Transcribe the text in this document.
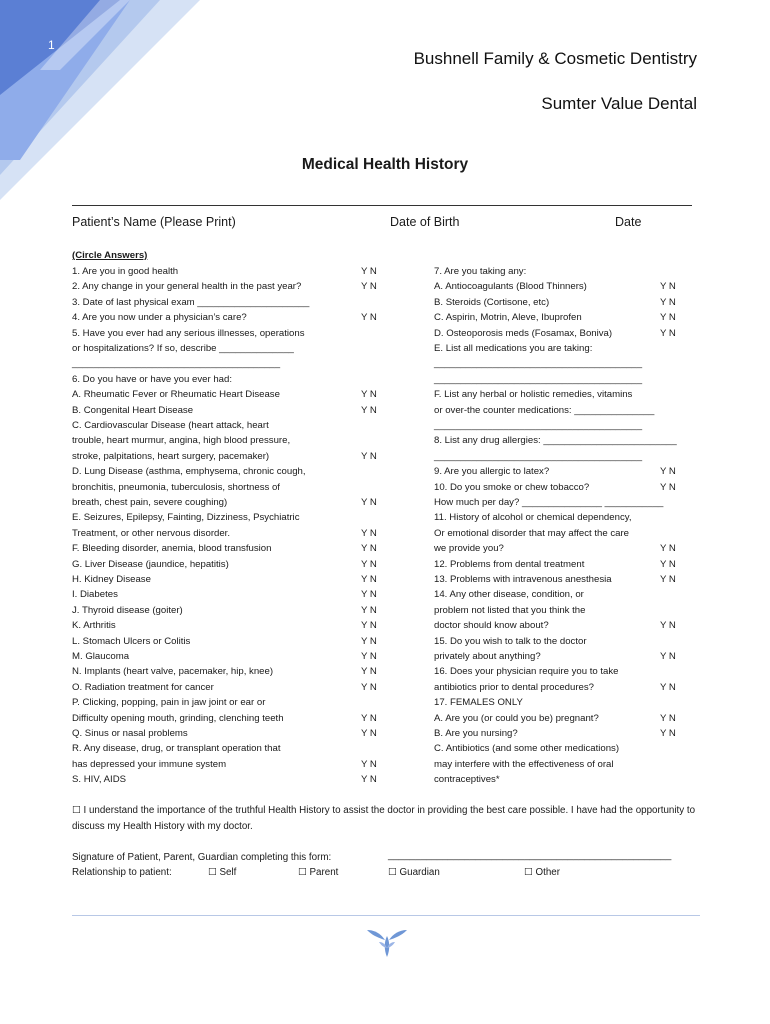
1
Bushnell Family & Cosmetic Dentistry
Sumter Value Dental
Medical Health History
Patient’s Name (Please Print)	Date of Birth	Date
(Circle Answers)
1. Are you in good health	Y N
2. Any change in your general health in the past year?	Y N
3. Date of last physical exam _____________________
4. Are you now under a physician’s care?	Y N
5. Have you ever had any serious illnesses, operations
or hospitalizations? If so, describe ______________
_______________________________________
6. Do you have or have you ever had:
A. Rheumatic Fever or Rheumatic Heart Disease	Y N
B. Congenital Heart Disease	Y N
C. Cardiovascular Disease (heart attack, heart
trouble, heart murmur, angina, high blood pressure,
stroke, palpitations, heart surgery, pacemaker)	Y N
D. Lung Disease (asthma, emphysema, chronic cough,
bronchitis, pneumonia, tuberculosis, shortness of
breath, chest pain, severe coughing)	Y N
E. Seizures, Epilepsy, Fainting, Dizziness, Psychiatric
Treatment, or other nervous disorder.	Y N
F. Bleeding disorder, anemia, blood transfusion	Y N
G. Liver Disease (jaundice, hepatitis)	Y N
H. Kidney Disease	Y N
I. Diabetes	Y N
J. Thyroid disease (goiter)	Y N
K. Arthritis	Y N
L. Stomach Ulcers or Colitis	Y N
M. Glaucoma	Y N
N. Implants (heart valve, pacemaker, hip, knee)	Y N
O. Radiation treatment for cancer	Y N
P. Clicking, popping, pain in jaw joint or ear or
Difficulty opening mouth, grinding, clenching teeth	Y N
Q. Sinus or nasal problems	Y N
R. Any disease, drug, or transplant operation that
has depressed your immune system	Y N
S. HIV, AIDS	Y N
7. Are you taking any:
A. Antiocoagulants (Blood Thinners)	Y N
B. Steroids (Cortisone, etc)	Y N
C. Aspirin, Motrin, Aleve, Ibuprofen	Y N
D. Osteoporosis meds (Fosamax, Boniva)	Y N
E. List all medications you are taking:
_______________________________________
_______________________________________
F. List any herbal or holistic remedies, vitamins
or over-the counter medications: _______________
_______________________________________
8. List any drug allergies: _________________________
_______________________________________
9. Are you allergic to latex?	Y N
10. Do you smoke or chew tobacco?	Y N
How much per day? _______________ ___________
11. History of alcohol or chemical dependency,
Or emotional disorder that may affect the care
we provide you?	Y N
12. Problems from dental treatment	Y N
13. Problems with intravenous anesthesia	Y N
14. Any other disease, condition, or
problem not listed that you think the
doctor should know about?	Y N
15. Do you wish to talk to the doctor
privately about anything?	Y N
16. Does your physician require you to take
antibiotics prior to dental procedures?	Y N
17. FEMALES ONLY
A. Are you (or could you be) pregnant?	Y N
B. Are you nursing?	Y N
C. Antibiotics (and some other medications)
may interfere with the effectiveness of oral
contraceptives*
☐ I understand the importance of the truthful Health History to assist the doctor in providing the best care possible. I have had the opportunity to discuss my Health History with my doctor.
Signature of Patient, Parent, Guardian completing this form:	____________________________________________________
Relationship to patient:	☐ Self	☐ Parent	☐ Guardian	☐ Other
